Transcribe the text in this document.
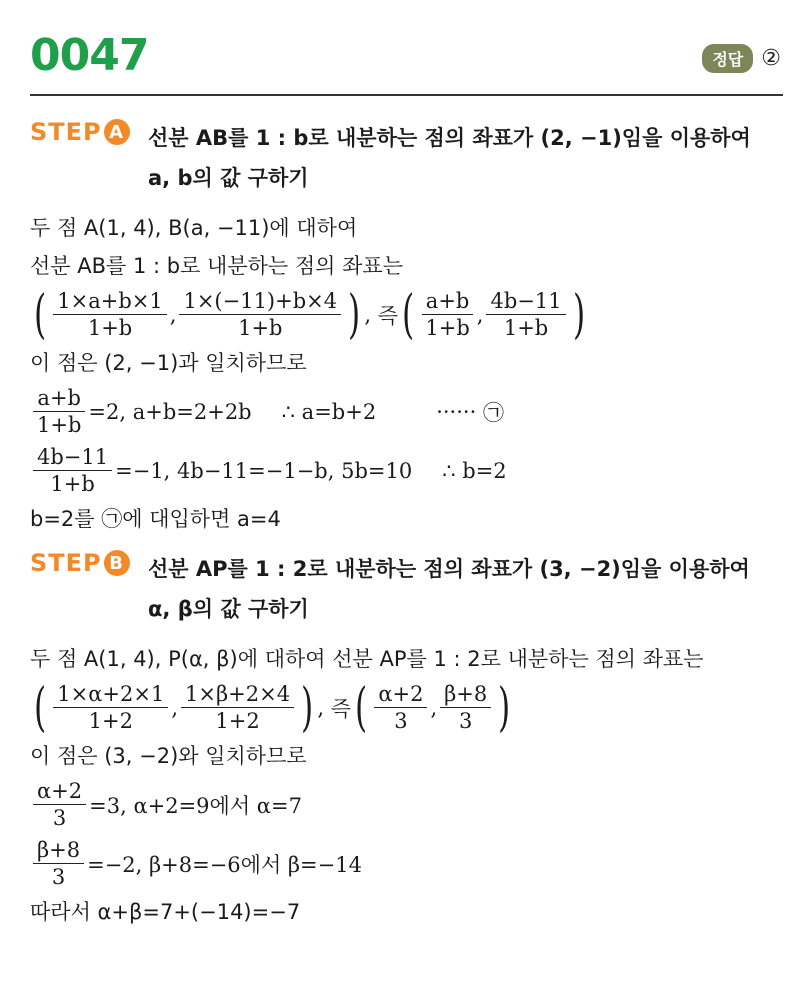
0047	정답 ②
STEP A 선분 AB를 1 : b로 내분하는 점의 좌표가 (2, −1)임을 이용하여
a, b의 값 구하기
두 점 A(1, 4), B(a, −11)에 대하여
선분 AB를 1 : b로 내분하는 점의 좌표는
( $\frac{1\times a+b\times 1}{1+b}$ , $\frac{1\times(-11)+b\times 4}{1+b}$ ) , 즉 ( $\frac{a+b}{1+b}$ , $\frac{4b-11}{1+b}$ )
이 점은 (2, −1)과 일치하므로
$\frac{a+b}{1+b} =2$, a+b=2+2b ∴ a=b+2	······
㉠
$\frac{4b-11}{1+b} =-1$, 4b−11=−1−b, 5b=10 ∴ b=2
b=2를 ㉠에 대입하면 a=4
STEP B 선분 AP를 1 : 2로 내분하는 점의 좌표가 (3, −2)임을 이용하여
α, β의 값 구하기
두 점 A(1, 4), P(α, β)에 대하여 선분 AP를 1 : 2로 내분하는 점의 좌표는
( $\frac{1\times\alpha+2\times 1}{1+2}$ , $\frac{1\times\beta+2\times 4}{1+2}$ ) , 즉 ( $\frac{\alpha+2}{3}$ , $\frac{\beta+8}{3}$ )
이 점은 (3, −2)와 일치하므로
$\frac{\alpha+2}{3} =3$, α+2=9에서 α=7
$\frac{\beta+8}{3} =-2$, β+8=−6에서 β=−14
따라서 α+β=7+(−14)=−7
